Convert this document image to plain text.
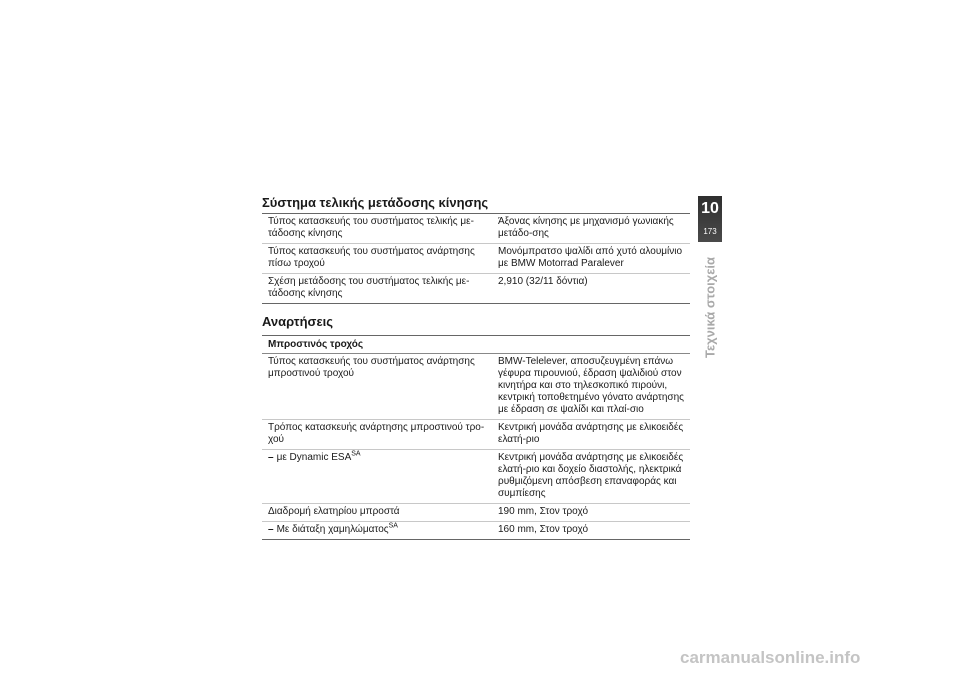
Σύστημα τελικής μετάδοσης κίνησης
Τύπος κατασκευής του συστήματος τελικής με-τάδοσης κίνησης	Άξονας κίνησης με μηχανισμό γωνιακής μετάδο-σης
Τύπος κατασκευής του συστήματος ανάρτησης πίσω τροχού	Μονόμπρατσο ψαλίδι από χυτό αλουμίνιο με BMW Motorrad Paralever
Σχέση μετάδοσης του συστήματος τελικής με-τάδοσης κίνησης	2,910 (32/11 δόντια)
Αναρτήσεις
Μπροστινός τροχός	
Τύπος κατασκευής του συστήματος ανάρτησης μπροστινού τροχού	BMW-Telelever, αποσυζευγμένη επάνω γέφυρα πιρουνιού, έδραση ψαλιδιού στον κινητήρα και στο τηλεσκοπικό πιρούνι, κεντρική τοποθετημένο γόνατο ανάρτησης με έδραση σε ψαλίδι και πλαί-σιο
Τρόπος κατασκευής ανάρτησης μπροστινού τρο-χού	Κεντρική μονάδα ανάρτησης με ελικοειδές ελατή-ριο
– με Dynamic $ESA^{SA}$	Κεντρική μονάδα ανάρτησης με ελικοειδές ελατή-ριο και δοχείο διαστολής, ηλεκτρικά ρυθμιζόμενη απόσβεση επαναφοράς και συμπίεσης
Διαδρομή ελατηρίου μπροστά	190 mm, Στον τροχό
– Με διάταξη χαμηλώματος$^{SA}$	160 mm, Στον τροχό
10
173
Τεχνικά στοιχεία
carmanualsonline.info
